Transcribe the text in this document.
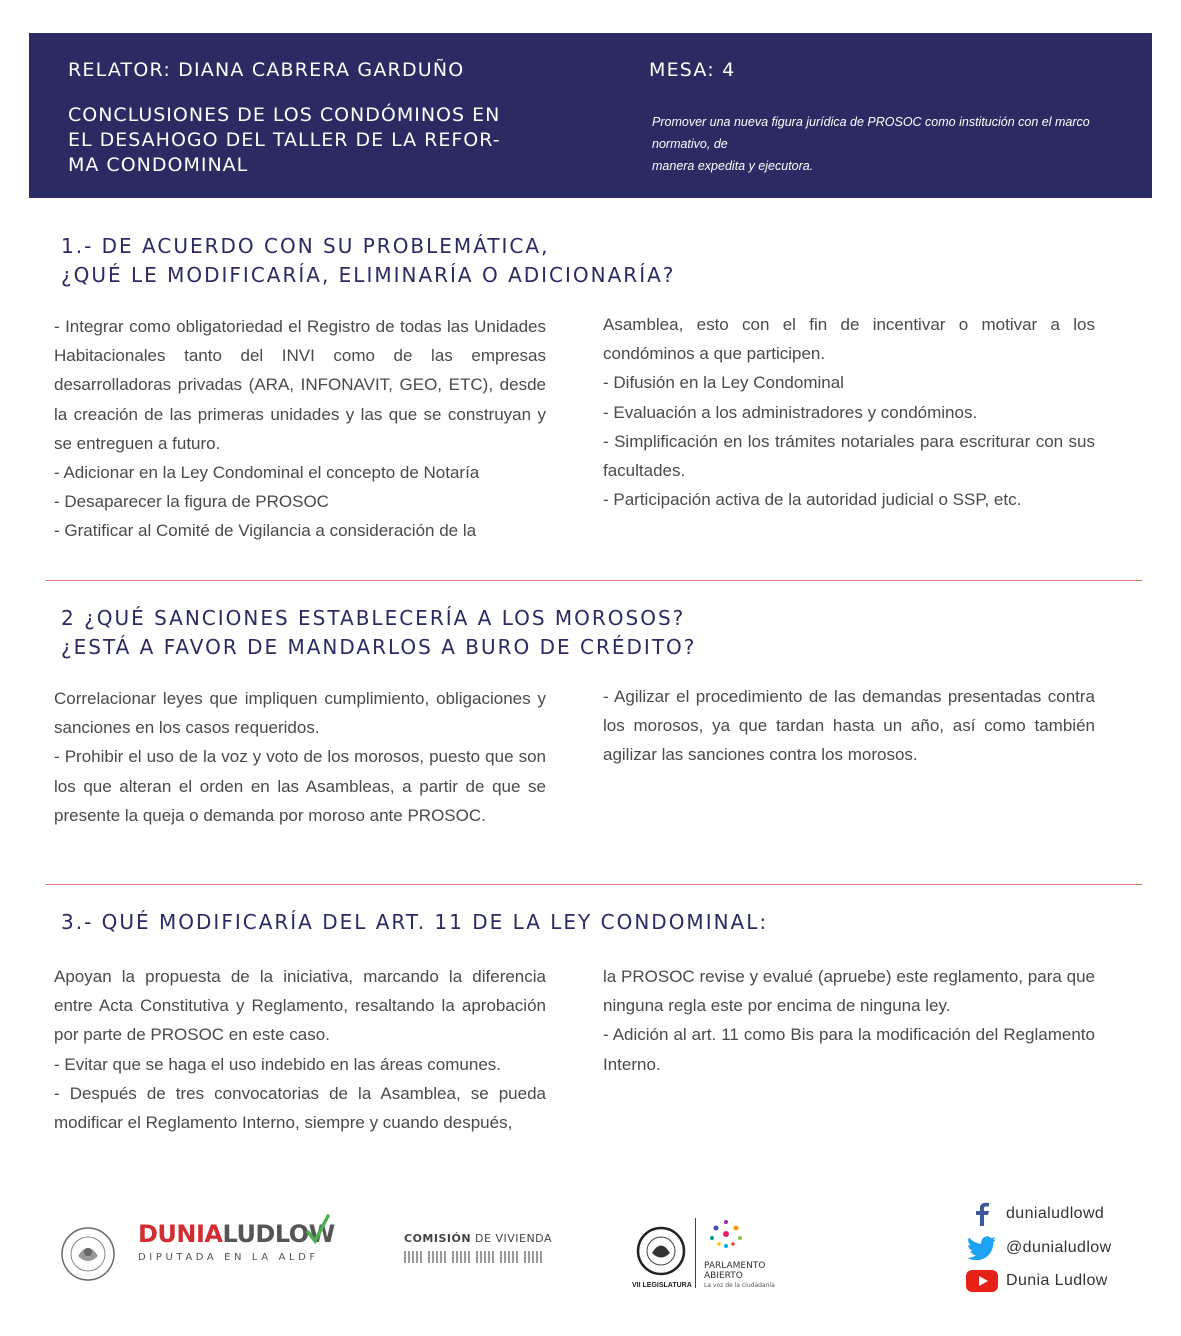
RELATOR: DIANA CABRERA GARDUÑO	MESA: 4
CONCLUSIONES DE LOS CONDÓMINOS EN
EL DESAHOGO DEL TALLER DE LA REFOR-
MA CONDOMINAL
Promover una nueva figura jurídica de PROSOC como institución con el marco normativo, de
manera expedita y ejecutora.
1.- DE ACUERDO CON SU PROBLEMÁTICA,
¿QUÉ LE MODIFICARÍA, ELIMINARÍA O ADICIONARÍA?

- Integrar como obligatoriedad el Registro de todas las Unidades Habitacionales tanto del INVI como de las empresas desarrolladoras privadas (ARA, INFONAVIT, GEO, ETC), desde la creación de las primeras unidades y las que se construyan y se entreguen a futuro.

- Adicionar en la Ley Condominal el concepto de Notaría

- Desaparecer la figura de PROSOC

- Gratificar al Comité de Vigilancia a consideración de la

Asamblea, esto con el fin de incentivar o motivar a los condóminos a que participen.

- Difusión en la Ley Condominal

- Evaluación a los administradores y condóminos.

- Simplificación en los trámites notariales para escriturar con sus facultades.

- Participación activa de la autoridad judicial o SSP, etc.

2 ¿QUÉ SANCIONES ESTABLECERÍA A LOS MOROSOS?
¿ESTÁ A FAVOR DE MANDARLOS A BURO DE CRÉDITO?

Correlacionar leyes que impliquen cumplimiento, obligaciones y sanciones en los casos requeridos.

- Prohibir el uso de la voz y voto de los morosos, puesto que son los que alteran el orden en las Asambleas, a partir de que se presente la queja o demanda por moroso ante PROSOC.

- Agilizar el procedimiento de las demandas presentadas contra los morosos, ya que tardan hasta un año, así como también agilizar las sanciones contra los morosos.

3.- QUÉ MODIFICARÍA DEL ART. 11 DE LA LEY CONDOMINAL:

Apoyan la propuesta de la iniciativa, marcando la diferencia entre Acta Constitutiva y Reglamento, resaltando la aprobación por parte de PROSOC en este caso.

- Evitar que se haga el uso indebido en las áreas comunes.

- Después de tres convocatorias de la Asamblea, se pueda modificar el Reglamento Interno, siempre y cuando después,

la PROSOC revise y evalué (apruebe) este reglamento, para que ninguna regla este por encima de ninguna ley.

- Adición al art. 11 como Bis para la modificación del Reglamento Interno.

DUNIALUDLOW
DIPUTADA EN LA ALDF
COMISIÓN DE VIVIENDA
VII LEGISLATURA
PARLAMENTO
ABIERTO
La voz de la ciudadanía
dunialudlowd
@dunialudlow
Dunia Ludlow
